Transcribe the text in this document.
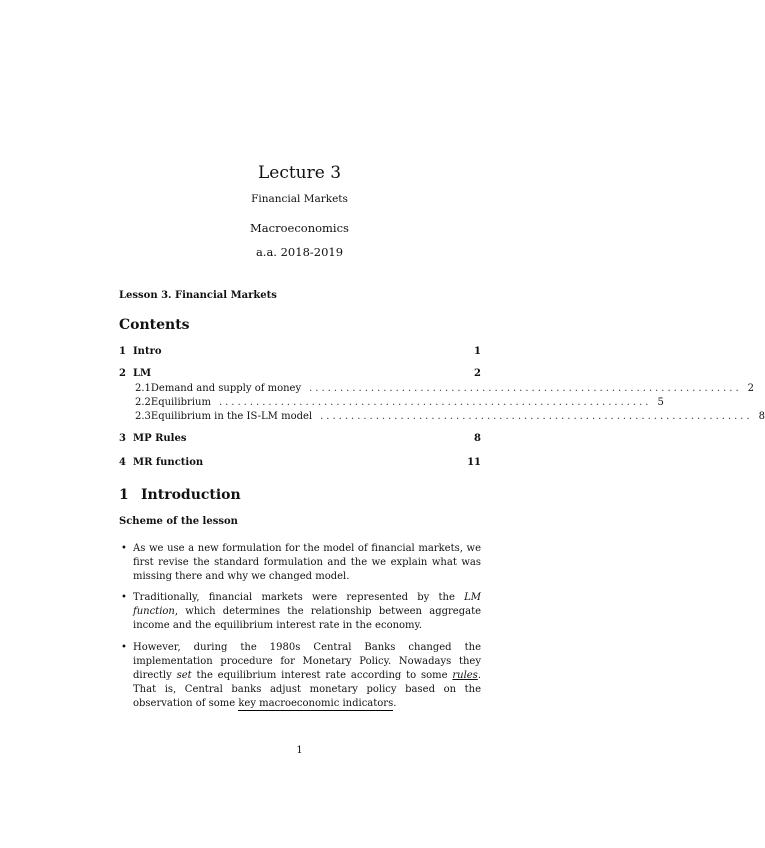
Lecture 3
Financial Markets
Macroeconomics
a.a. 2018-2019
Lesson 3. Financial Markets
Contents
1 Intro	1
2 LM	2
2.1 Demand and supply of money ...................................................................... 2
2.2 Equilibrium ...................................................................... 5
2.3 Equilibrium in the IS-LM model ...................................................................... 8
3 MP Rules	8
4 MR function	11
1 Introduction
Scheme of the lesson
• As we use a new formulation for the model of financial markets, we first revise the standard formulation and the we explain what was missing there and why we changed model.
• Traditionally, financial markets were represented by the LM function, which determines the relationship between aggregate income and the equilibrium interest rate in the economy.
• However, during the 1980s Central Banks changed the implementation procedure for Monetary Policy. Nowadays they directly set the equilibrium interest rate according to some rules. That is, Central banks adjust monetary policy based on the observation of some key macroeconomic indicators.
1
